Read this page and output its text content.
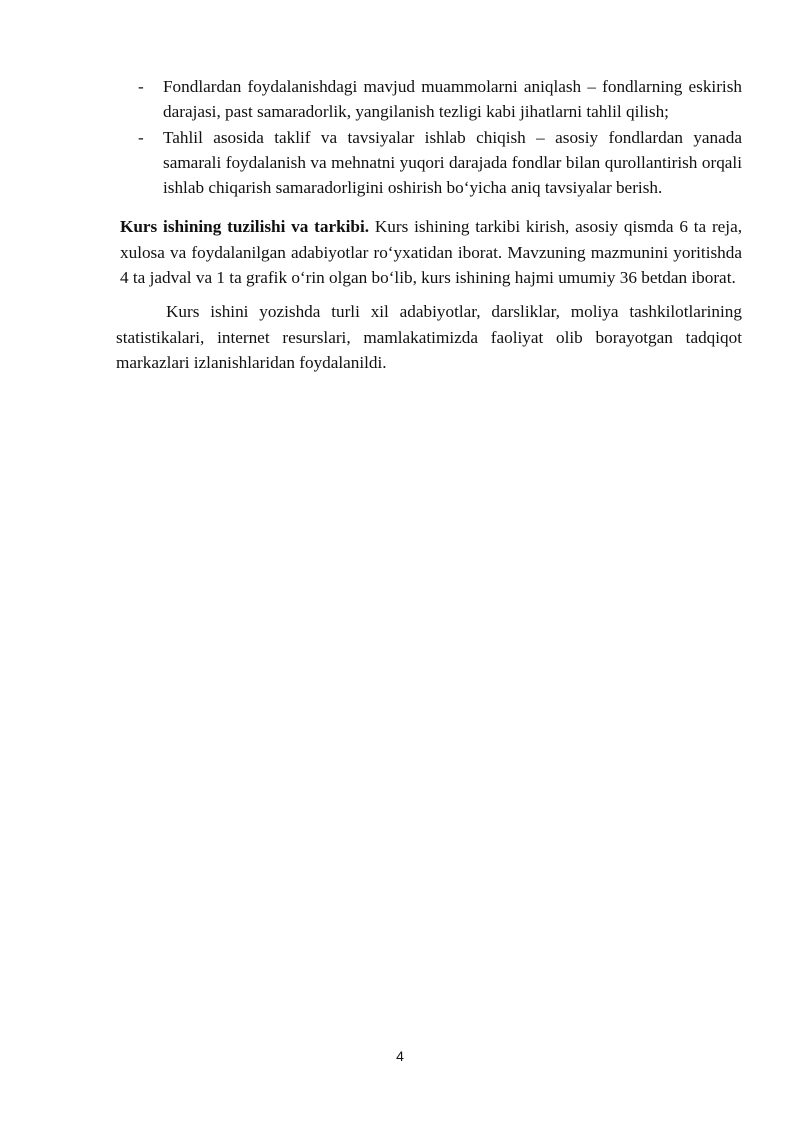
- Fondlardan foydalanishdagi mavjud muammolarni aniqlash – fondlarning eskirish darajasi, past samaradorlik, yangilanish tezligi kabi jihatlarni tahlil qilish;
- Tahlil asosida taklif va tavsiyalar ishlab chiqish – asosiy fondlardan yanada samarali foydalanish va mehnatni yuqori darajada fondlar bilan qurollantirish orqali ishlab chiqarish samaradorligini oshirish bo‘yicha aniq tavsiyalar berish.

Kurs ishining tuzilishi va tarkibi. Kurs ishining tarkibi kirish, asosiy qismda 6 ta reja, xulosa va foydalanilgan adabiyotlar ro‘yxatidan iborat. Mavzuning mazmunini yoritishda 4 ta jadval va 1 ta grafik o‘rin olgan bo‘lib, kurs ishining hajmi umumiy 36 betdan iborat.

Kurs ishini yozishda turli xil adabiyotlar, darsliklar, moliya tashkilotlarining statistikalari, internet resurslari, mamlakatimizda faoliyat olib borayotgan tadqiqot markazlari izlanishlaridan foydalanildi.

4
